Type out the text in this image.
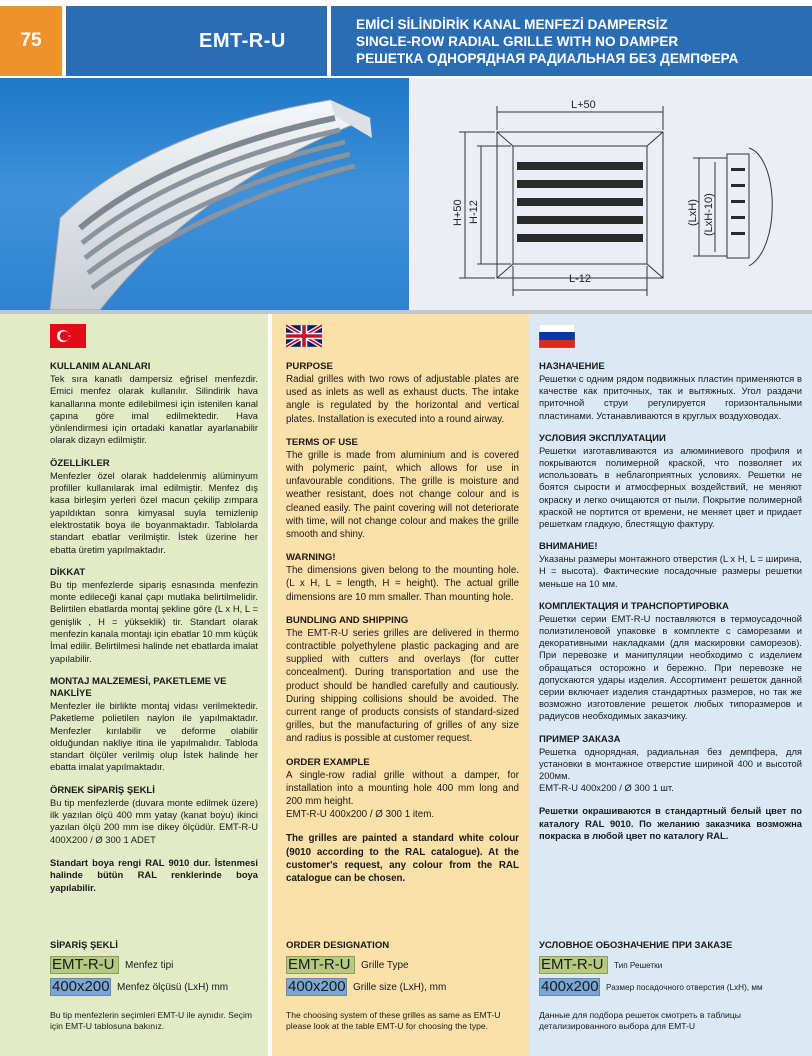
75	EMT-R-U
EMİCİ SİLİNDİRİK KANAL MENFEZİ DAMPERSİZ
SINGLE-ROW RADIAL GRILLE WITH NO DAMPER
РЕШЕТКА ОДНОРЯДНАЯ РАДИАЛЬНАЯ БЕЗ ДЕМПФЕРА
L+50
L-12
H+50 H-12	(LxH) (LxH-10)
KULLANIM ALANLARI

Tek sıra kanatlı dampersiz eğrisel menfezdir. Emici menfez olarak kullanılır. Silindirik hava kanallarına monte edilebilmesi için istenilen kanal çapına göre imal edilmektedir. Hava yönlendirmesi için ortadaki kanatlar ayarlanabilir olarak dizayn edilmiştir.

ÖZELLİKLER

Menfezler özel olarak haddelenmiş alüminyum profiller kullanılarak imal edilmiştir. Menfez dış kasa birleşim yerleri özel macun çekilip zımpara yapıldıktan sonra kimyasal suyla temizlenip elektrostatik boya ile boyanmaktadır. Tablolarda standart ebatlar verilmiştir. İstek üzerine her ebatta üretim yapılmaktadır.

DİKKAT

Bu tip menfezlerde sipariş esnasında menfezin monte edileceği kanal çapı mutlaka belirtilmelidir. Belirtilen ebatlarda montaj şekline göre (L x H, L = genişlik , H = yükseklik) tir. Standart olarak menfezin kanala montajı için ebatlar 10 mm küçük İmal edilir. Belirtilmesi halinde net ebatlarda imalat yapılabilir.

MONTAJ MALZEMESİ, PAKETLEME VE NAKLİYE

Menfezler ile birlikte montaj vidası verilmektedir. Paketleme polietilen naylon ile yapılmaktadır. Menfezler kırılabilir ve deforme olabilir olduğundan nakliye itina ile yapılmalıdır. Tabloda standart ölçüler verilmiş olup İstek halinde her ebatta imalat yapılmaktadır.

ÖRNEK SİPARİŞ ŞEKLİ

Bu tip menfezlerde (duvara monte edilmek üzere) ilk yazılan ölçü 400 mm yatay (kanat boyu) ikinci yazılan ölçü 200 mm ise dikey ölçüdür. EMT-R-U 400X200 / Ø 300 1 ADET

Standart boya rengi RAL 9010 dur. İstenmesi halinde bütün RAL renklerinde boya yapılabilir.

SİPARİŞ ŞEKLİ
EMT-R-U	Menfez tipi
400x200 Menfez ölçüsü (LxH) mm
Bu tip menfezlerin seçimleri EMT-U ile aynıdır. Seçim için EMT-U tablosuna bakınız.
PURPOSE

Radial grilles with two rows of adjustable plates are used as inlets as well as exhaust ducts. The intake angle is regulated by the horizontal and vertical plates. Installation is executed into a round airway.

TERMS OF USE

The grille is made from aluminium and is covered with polymeric paint, which allows for use in unfavourable conditions. The grille is moisture and weather resistant, does not change colour and is cleaned easily. The paint covering will not deteriorate with time, will not change colour and makes the grille smooth and shiny.

WARNING!

The dimensions given belong to the mounting hole. (L x H, L = length, H = height). The actual grille dimensions are 10 mm smaller. Than mounting hole.

BUNDLING AND SHIPPING

The EMT-R-U series grilles are delivered in thermo contractible polyethylene plastic packaging and are supplied with cutters and overlays (for cutter concealment). During transportation and use the product should be handled carefully and cautiously. During shipping collisions should be avoided. The current range of products consists of standard-sized grilles, but the manufacturing of grilles of any size and radius is possible at customer request.

ORDER EXAMPLE

A single-row radial grille without a damper, for installation into a mounting hole 400 mm long and 200 mm height.

EMT-R-U 400x200 / Ø 300 1 item.

The grilles are painted a standard white colour (9010 according to the RAL catalogue). At the customer's request, any colour from the RAL catalogue can be chosen.

ORDER DESIGNATION
EMT-R-U	Grille Type
400x200 Grille size (LxH), mm
The choosing system of these grilles as same as EMT-U please look at the table EMT-U for choosing the type.
НАЗНАЧЕНИЕ

Решетки с одним рядом подвижных пластин применяются в качестве как приточных, так и вытяжных. Угол раздачи приточной струи регулируется горизонтальными пластинами. Устанавливаются в круглых воздуховодах.

УСЛОВИЯ ЭКСПЛУАТАЦИИ

Решетки изготавливаются из алюминиевого профиля и покрываются полимерной краской, что позволяет их использовать в неблагоприятных условиях. Решетки не боятся сырости и атмосферных воздействий, не меняют окраску и легко очищаются от пыли. Покрытие полимерной краской не портится от времени, не меняет цвет и придает решеткам гладкую, блестящую фактуру.

ВНИМАНИЕ!

Указаны размеры монтажного отверстия (L x H, L = ширина, H = высота). Фактические посадочные размеры решетки меньше на 10 мм.

КОМПЛЕКТАЦИЯ И ТРАНСПОРТИРОВКА

Решетки серии EMT-R-U поставляются в термоусадочной полиэтиленовой упаковке в комплекте с саморезами и декоративными накладками (для маскировки саморезов). При перевозке и манипуляции необходимо с изделием обращаться осторожно и бережно. При перевозке не допускаются удары изделия. Ассортимент решеток данной серии включает изделия стандартных размеров, но так же возможно изготовление решеток любых типоразмеров и радиусов необходимых заказчику.

ПРИМЕР ЗАКАЗА

Решетка однорядная, радиальная без демпфера, для установки в монтажное отверстие шириной 400 и высотой 200мм.

EMT-R-U 400x200 / Ø 300 1 шт.

Решетки окрашиваются в стандартный белый цвет по каталогу RAL 9010. По желанию заказчика возможна покраска в любой цвет по каталогу RAL.

УСЛОВНОЕ ОБОЗНАЧЕНИЕ ПРИ ЗАКАЗЕ
EMT-R-U	Тип Решетки
400x200 Размер посадочного отверстия (LxH), мм
Данные для подбора решеток смотреть в таблицы детализированного выбора для EMT-U
